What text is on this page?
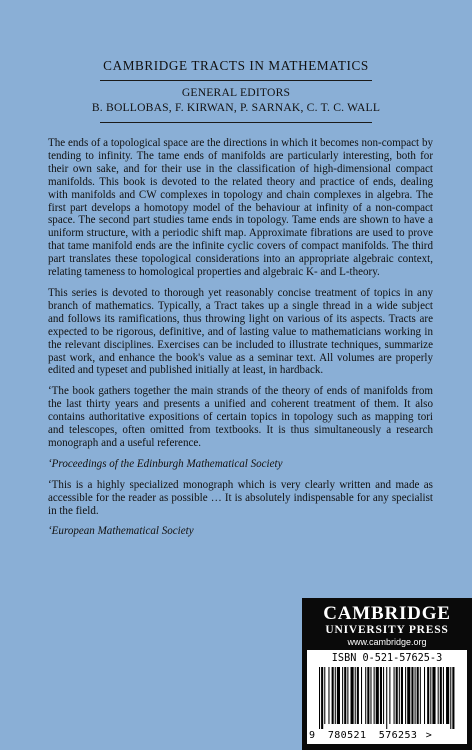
CAMBRIDGE TRACTS IN MATHEMATICS
GENERAL EDITORS
B. BOLLOBAS, F. KIRWAN, P. SARNAK, C. T. C. WALL

The ends of a topological space are the directions in which it becomes non-compact by tending to infinity. The tame ends of manifolds are particularly interesting, both for their own sake, and for their use in the classification of high-dimensional compact manifolds. This book is devoted to the related theory and practice of ends, dealing with manifolds and CW complexes in topology and chain complexes in algebra. The first part develops a homotopy model of the behaviour at infinity of a non-compact space. The second part studies tame ends in topology. Tame ends are shown to have a uniform structure, with a periodic shift map. Approximate fibrations are used to prove that tame manifold ends are the infinite cyclic covers of compact manifolds. The third part translates these topological considerations into an appropriate algebraic context, relating tameness to homological properties and algebraic K- and L-theory.

This series is devoted to thorough yet reasonably concise treatment of topics in any branch of mathematics. Typically, a Tract takes up a single thread in a wide subject and follows its ramifications, thus throwing light on various of its aspects. Tracts are expected to be rigorous, definitive, and of lasting value to mathematicians working in the relevant disciplines. Exercises can be included to illustrate techniques, summarize past work, and enhance the book's value as a seminar text. All volumes are properly edited and typeset and published initially at least, in hardback.

‘The book gathers together the main strands of the theory of ends of manifolds from the last thirty years and presents a unified and coherent treatment of them. It also contains authoritative expositions of certain topics in topology such as mapping tori and telescopes, often omitted from textbooks. It is thus simultaneously a research monograph and a useful reference.

‘Proceedings of the Edinburgh Mathematical Society

‘This is a highly specialized monograph which is very clearly written and made as accessible for the reader as possible … It is absolutely indispensable for any specialist in the field.

‘European Mathematical Society

CAMBRIDGE
UNIVERSITY PRESS
www.cambridge.org
ISBN 0-521-57625-3
9 780521 576253 >
